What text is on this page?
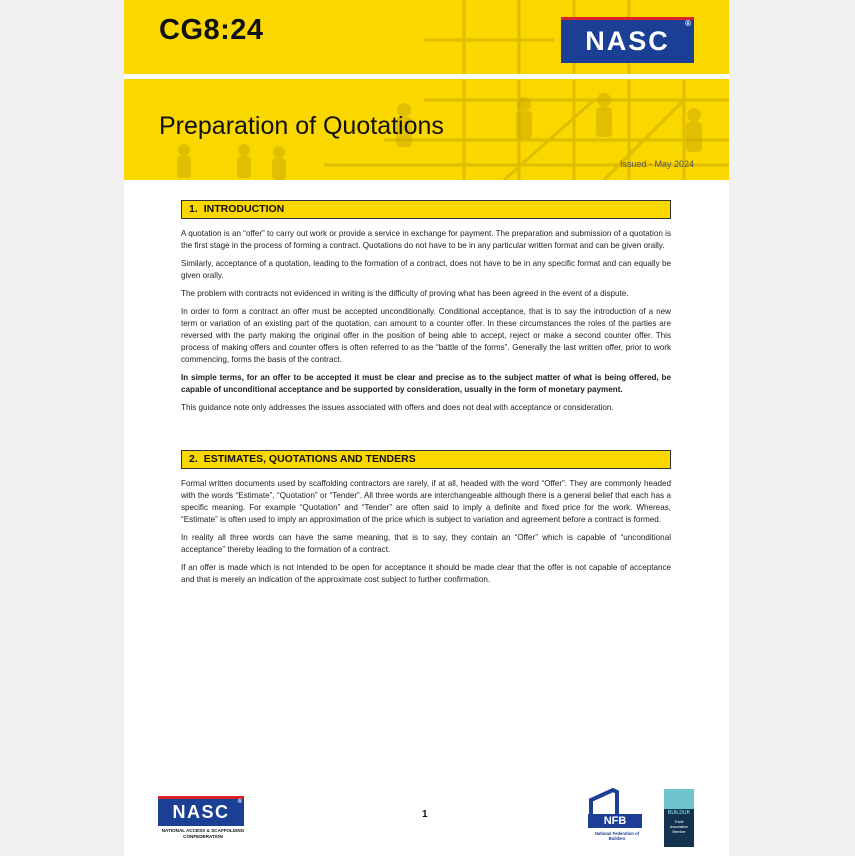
CG8:24	NASC
®
Preparation of Quotations
Issued - May 2024
1. INTRODUCTION

A quotation is an “offer” to carry out work or provide a service in exchange for payment. The preparation and submission of a quotation is the first stage in the process of forming a contract. Quotations do not have to be in any particular written format and can be given orally.

Similarly, acceptance of a quotation, leading to the formation of a contract, does not have to be in any specific format and can equally be given orally.

The problem with contracts not evidenced in writing is the difficulty of proving what has been agreed in the event of a dispute.

In order to form a contract an offer must be accepted unconditionally. Conditional acceptance, that is to say the introduction of a new term or variation of an existing part of the quotation, can amount to a counter offer. In these circumstances the roles of the parties are reversed with the party making the original offer in the position of being able to accept, reject or make a second counter offer. This process of making offers and counter offers is often referred to as the “battle of the forms”. Generally the last written offer, prior to work commencing, forms the basis of the contract.

In simple terms, for an offer to be accepted it must be clear and precise as to the subject matter of what is being offered, be capable of unconditional acceptance and be supported by consideration, usually in the form of monetary payment.

This guidance note only addresses the issues associated with offers and does not deal with acceptance or consideration.

2. ESTIMATES, QUOTATIONS AND TENDERS

Formal written documents used by scaffolding contractors are rarely, if at all, headed with the word “Offer”. They are commonly headed with the words “Estimate”, “Quotation” or “Tender”. All three words are interchangeable although there is a general belief that each has a specific meaning. For example “Quotation” and “Tender” are often said to imply a definite and fixed price for the work. Whereas, “Estimate” is often used to imply an approximation of the price which is subject to variation and agreement before a contract is formed.

In reality all three words can have the same meaning, that is to say, they contain an “Offer” which is capable of “unconditional acceptance” thereby leading to the formation of a contract.

If an offer is made which is not intended to be open for acceptance it should be made clear that the offer is not capable of acceptance and that is merely an indication of the approximate cost subject to further confirmation.

NASC ®
NATIONAL ACCESS & SCAFFOLDING CONFEDERATION
1
NFB
National Federation of Builders
BUILDUK
Trade Association Member
